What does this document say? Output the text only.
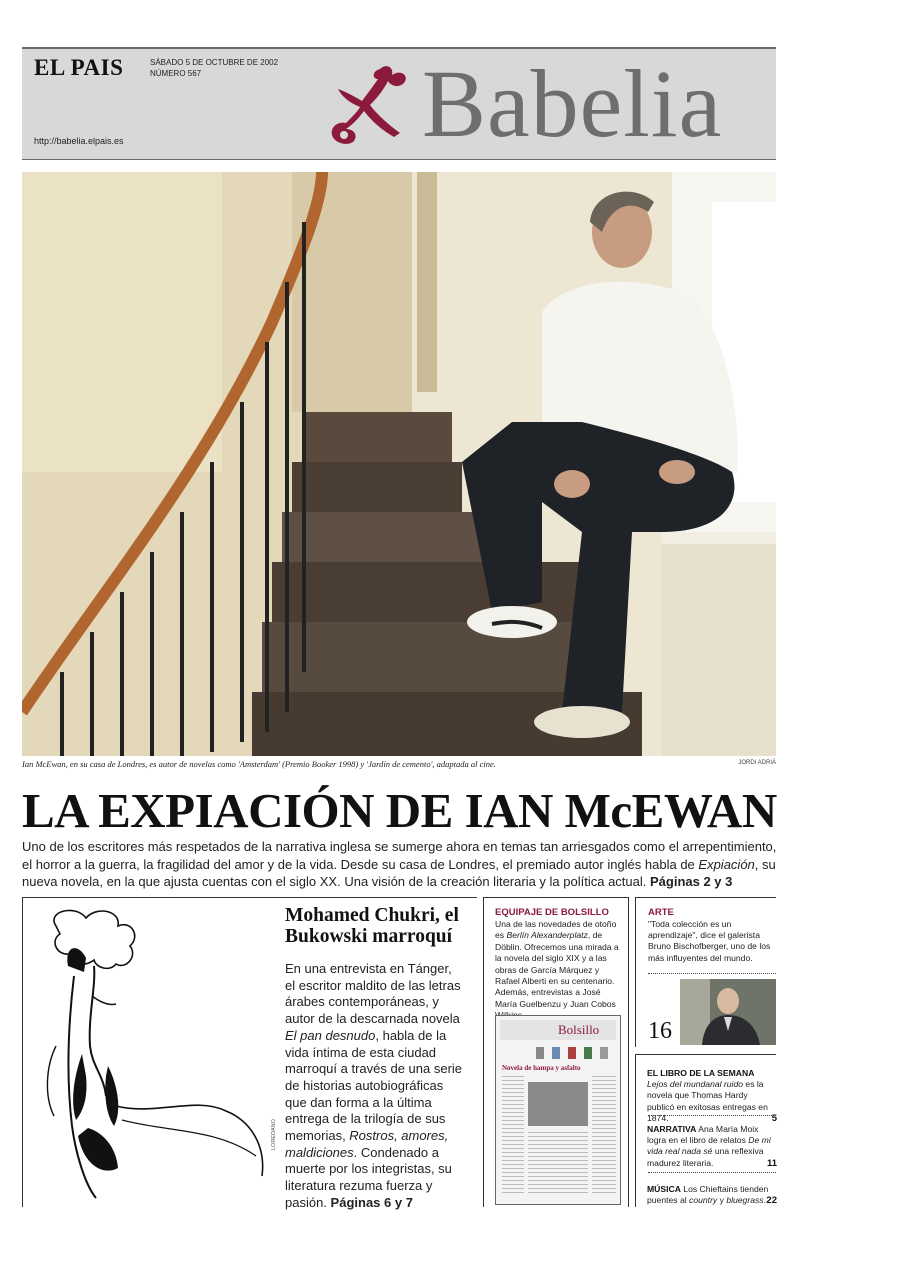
EL PAIS	SÁBADO 5 DE OCTUBRE DE 2002
NÚMERO 567
http://babelia.elpais.es	Babelia
Ian McEwan, en su casa de Londres, es autor de novelas como 'Amsterdam' (Premio Booker 1998) y 'Jardín de cemento', adaptada al cine.	JORDI ADRIÀ
LA EXPIACIÓN DE IAN McEWAN

Uno de los escritores más respetados de la narrativa inglesa se sumerge ahora en temas tan arriesgados como el arrepentimiento, el horror a la guerra, la fragilidad del amor y de la vida. Desde su casa de Londres, el premiado autor inglés habla de Expiación, su nueva novela, en la que ajusta cuentas con el siglo XX. Una visión de la creación literaria y la política actual. Páginas 2 y 3

LOREDANO
Mohamed Chukri, el Bukowski marroquí

En una entrevista en Tánger, el escritor maldito de las letras árabes contemporáneas, y autor de la descarnada novela El pan desnudo, habla de la vida íntima de esta ciudad marroquí a través de una serie de historias autobiográficas que dan forma a la última entrega de la trilogía de sus memorias, Rostros, amores, maldiciones. Condenado a muerte por los integristas, su literatura rezuma fuerza y pasión. Páginas 6 y 7

EQUIPAJE DE BOLSILLO

Una de las novedades de otoño es Berlín Alexanderplatz, de Döblin. Ofrecemos una mirada a la novela del siglo XIX y a las obras de García Márquez y Rafael Alberti en su centenario. Además, entrevistas a José María Guelbenzu y Juan Cobos

Bolsillo
Novela de hampa y asfalto
ARTE

"Toda colección es un aprendizaje", dice el galerista Bruno Bischofberger, uno de los más influyentes del mundo.

16
EL LIBRO DE LA SEMANA Lejos del mundanal ruido es la novela que Thomas Hardy publicó en exitosas entregas en 1874.	5
NARRATIVA Ana María Moix logra en el libro de relatos De mi vida real nada sé una reflexiva madurez literaria.	11
MÚSICA Los Chieftains tienden puentes al country y bluegrass. 22
